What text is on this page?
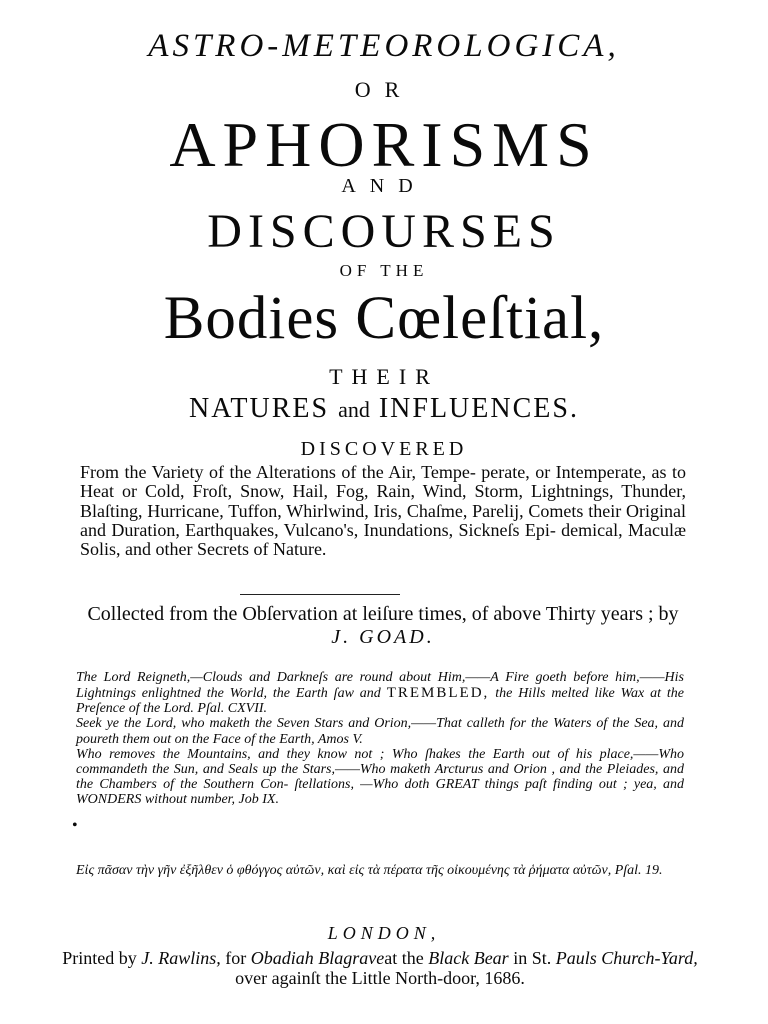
ASTRO-METEOROLOGICA,
OR
APHORISMS
AND
DISCOURSES
OF THE
Bodies Cœleſtial,
THEIR
NATURES and INFLUENCES.
DISCOVERED
From the Variety of the Alterations of the Air, Tempe- perate, or Intemperate, as to Heat or Cold, Froſt, Snow, Hail, Fog, Rain, Wind, Storm, Lightnings, Thunder, Blaſting, Hurricane, Tuffon, Whirlwind, Iris, Chaſme, Parelij, Comets their Original and Duration, Earthquakes, Vulcano's, Inundations, Sickneſs Epi- demical, Maculæ Solis, and other Secrets of Nature.
Collected from the Obſervation at leiſure times, of above Thirty years ; by J. GOAD.
The Lord Reigneth,—Clouds and Darkneſs are round about Him,——A Fire goeth before him,——His Lightnings enlightned the World, the Earth ſaw and TREMBLED, the Hills melted like Wax at the Preſence of the Lord. Pſal. CXVII.
Seek ye the Lord, who maketh the Seven Stars and Orion,——That calleth for the Waters of the Sea, and poureth them out on the Face of the Earth, Amos V.
Who removes the Mountains, and they know not ; Who ſhakes the Earth out of his place,——Who commandeth the Sun, and Seals up the Stars,——Who maketh Arcturus and Orion , and the Pleiades, and the Chambers of the Southern Con- ſtellations, —Who doth GREAT things paſt finding out ; yea, and WONDERS without number, Job IX.
Εἰς πᾶσαν τὴν γῆν ἐξῆλθεν ὁ φθόγγος αὐτῶν, καὶ εἰς τὰ πέρατα τῆς οἰκουμένης τὰ ῥήματα αὐτῶν, Pſal. 19.
LONDON,
Printed by J. Rawlins, for Obadiah Blagraveat the Black Bear in St. Pauls Church-Yard, over againſt the Little North-door, 1686.
•
